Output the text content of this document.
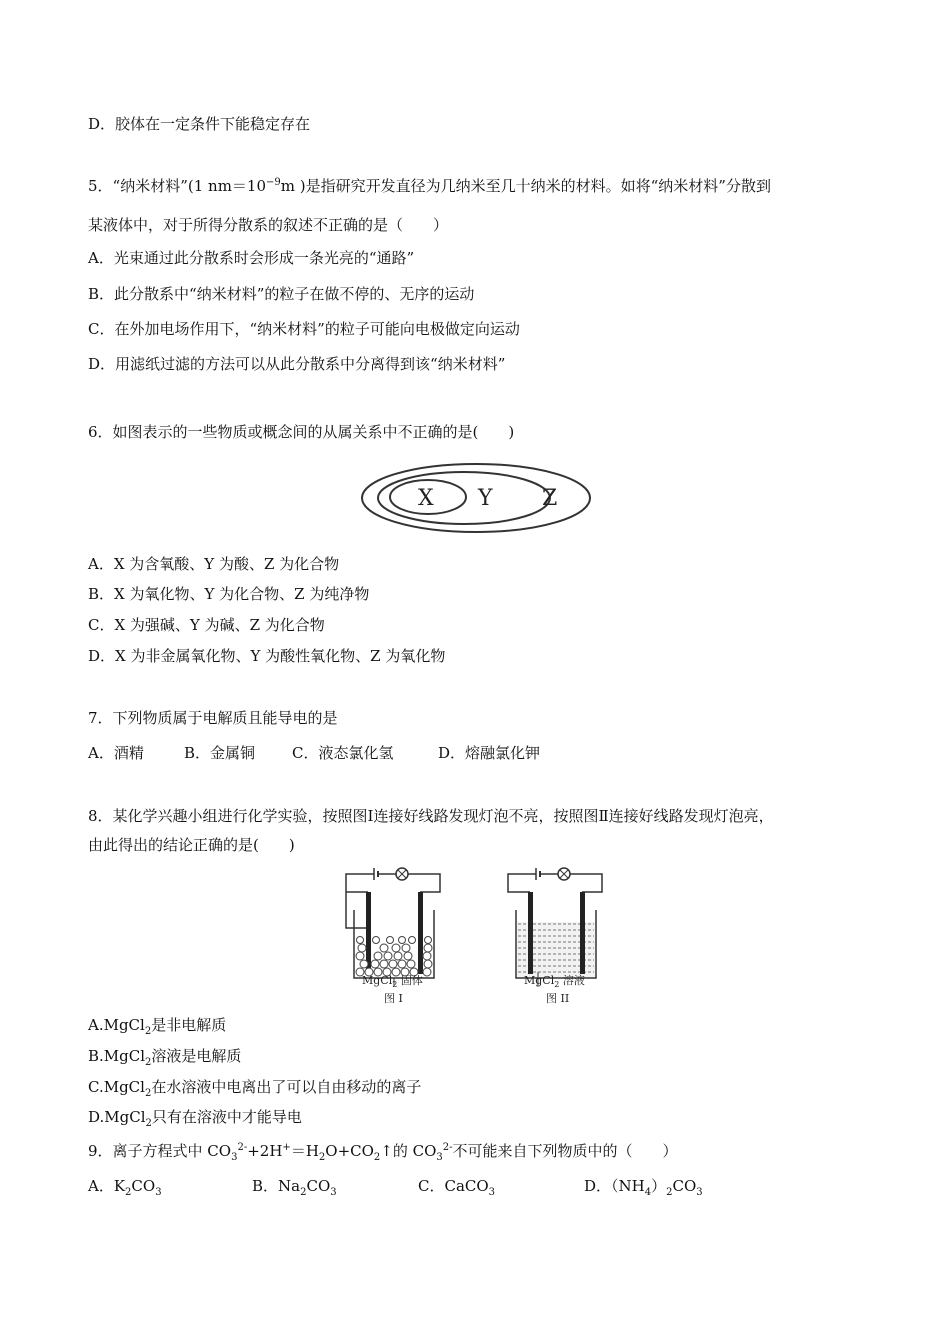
D．胶体在一定条件下能稳定存在
5．“纳米材料”(1 $nm=10^{-9}m$ )是指研究开发直径为几纳米至几十纳米的材料。如将“纳米材料”分散到
某液体中，对于所得分散系的叙述不正确的是（　　）
A．光束通过此分散系时会形成一条光亮的“通路”
B．此分散系中“纳米材料”的粒子在做不停的、无序的运动
C．在外加电场作用下，“纳米材料”的粒子可能向电极做定向运动
D．用滤纸过滤的方法可以从此分散系中分离得到该“纳米材料”
6．如图表示的一些物质或概念间的从属关系中不正确的是(　　)
X Y Z
A．X 为含氧酸、Y 为酸、Z 为化合物
B．X 为氧化物、Y 为化合物、Z 为纯净物
C．X 为强碱、Y 为碱、Z 为化合物
D．X 为非金属氧化物、Y 为酸性氧化物、Z 为氧化物
7．下列物质属于电解质且能导电的是
A．酒精	B．金属铜 C．液态氯化氢	D．熔融氯化钾
8．某化学兴趣小组进行化学实验，按照图Ⅰ连接好线路发现灯泡不亮，按照图Ⅱ连接好线路发现灯泡亮，
由此得出的结论正确的是(　　)
MgCl$_2$ 固体
图 I
MgCl$_2$ 溶液
图 II
A.MgCl$_2$是非电解质
B.MgCl$_2$溶液是电解质
C.MgCl$_2$在水溶液中电离出了可以自由移动的离子
D.MgCl$_2$只有在溶液中才能导电
9．离子方程式中 $CO_3^{2-}+2H^+=H_2O+CO_2↑$的 $CO_3^{2-}$不可能来自下列物质中的（　　）
A．$K_2CO_3$	B．$Na_2CO_3$	C．CaCO$_3$	D．$(NH_4)_2CO_3$
